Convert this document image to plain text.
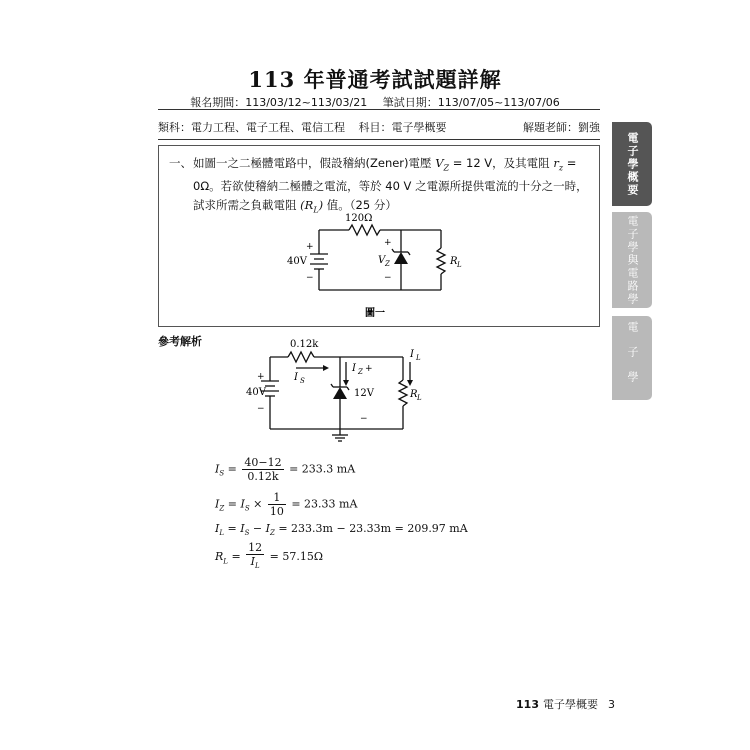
113 年普通考試試題詳解
報名期間：113/03/12~113/03/21 筆試日期：113/07/05~113/07/06
類科：電力工程、電子工程、電信工程 科目：電子學概要	解題老師：劉強
一、 如圖一之二極體電路中，假設稽納(Zener)電壓 $V_Z = 12$ V，及其電阻 $r_z = 0\Omega$。若欲使稽納二極體之電流，等於 40 V 之電源所提供電流的十分之一時，試求所需之負載電阻 $(R_L)$ 值。（25 分）
120Ω
+
40V
−
+
V Z
−
R L
圖一
參考解析	0.12k
+
40V
−
I S
I Z +
I L
12V
−
R L
$I_S = \frac{40-12}{0.12k} = 233.3$ mA
$I_Z = I_S \times \frac{1}{10} = 23.33$ mA
$I_L = I_S - I_Z = 233.3m - 23.33m = 209.97$ mA
$R_L = \frac{12}{I_L} = 57.15\Omega$
電子學概要
電子學與電路學
電子學
113 電子學概要 3
